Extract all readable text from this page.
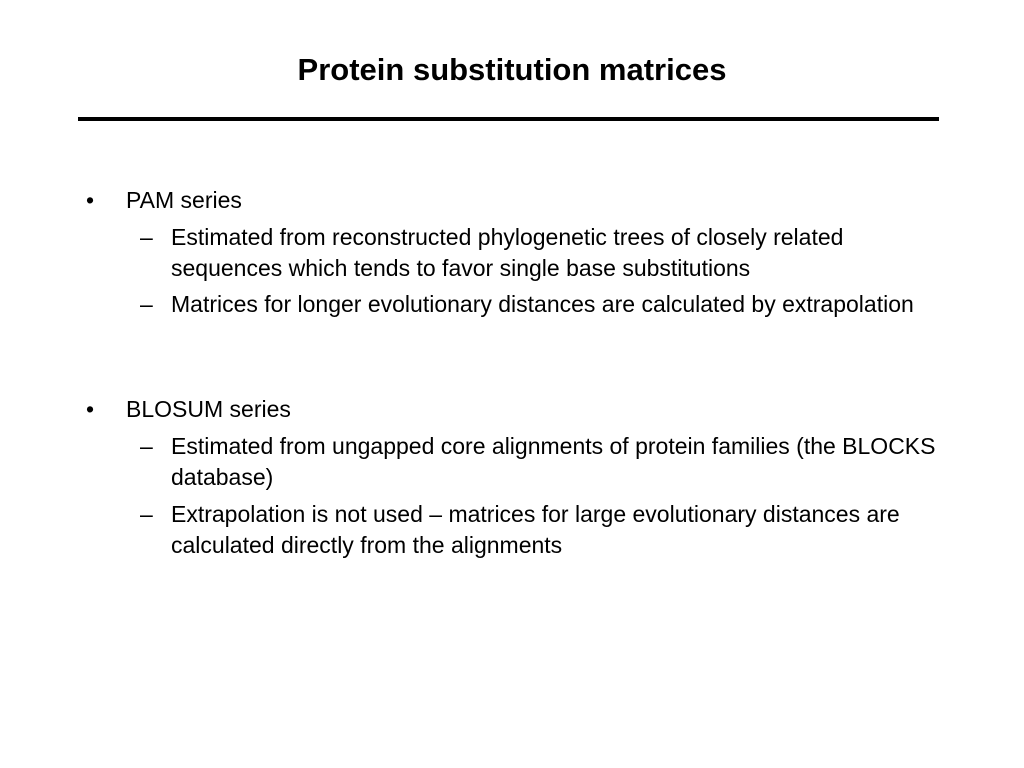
Protein substitution matrices
• PAM series
– Estimated from reconstructed phylogenetic trees of closely related sequences which tends to favor single base substitutions
– Matrices for longer evolutionary distances are calculated by extrapolation
• BLOSUM series
– Estimated from ungapped core alignments of protein families (the BLOCKS database)
– Extrapolation is not used – matrices for large evolutionary distances are calculated directly from the alignments
